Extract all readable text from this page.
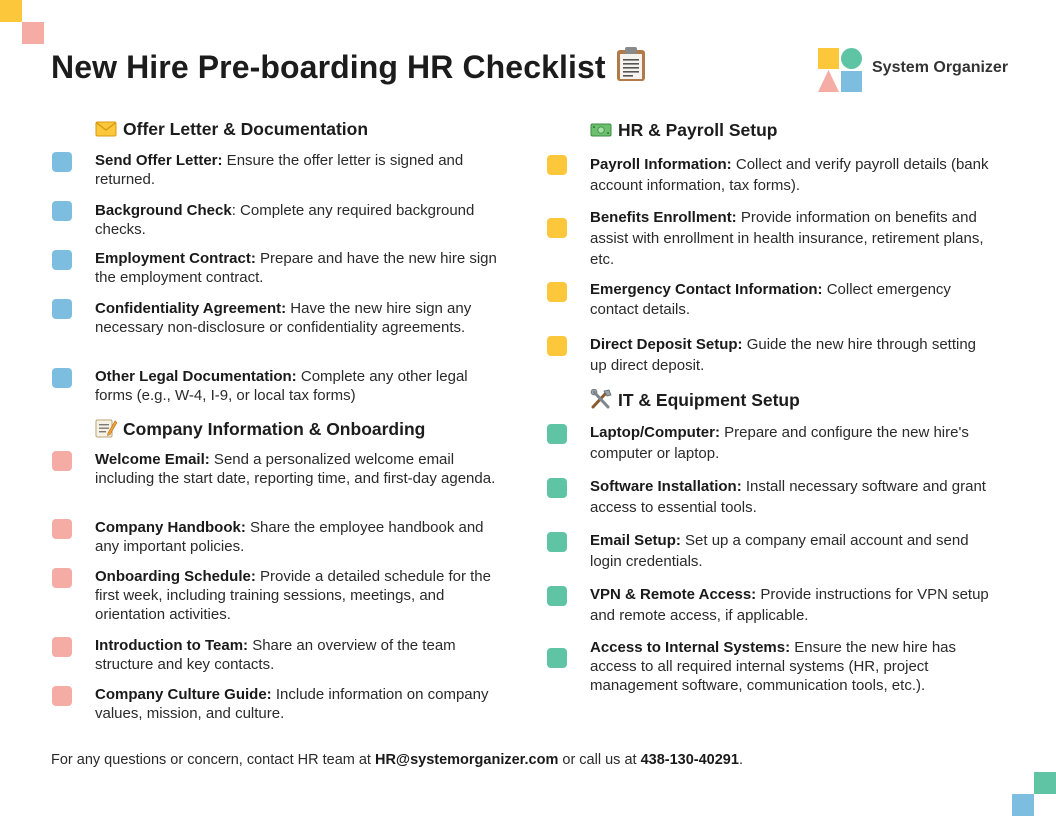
New Hire Pre-boarding HR Checklist	System Organizer
Offer Letter & Documentation
Send Offer Letter: Ensure the offer letter is signed and returned.
Background Check: Complete any required background checks.
Employment Contract: Prepare and have the new hire sign the employment contract.
Confidentiality Agreement: Have the new hire sign any necessary non-disclosure or confidentiality agreements.
Other Legal Documentation: Complete any other legal forms (e.g., W-4, I-9, or local tax forms)
Company Information & Onboarding
Welcome Email: Send a personalized welcome email including the start date, reporting time, and first-day agenda.
Company Handbook: Share the employee handbook and any important policies.
Onboarding Schedule: Provide a detailed schedule for the first week, including training sessions, meetings, and orientation activities.
Introduction to Team: Share an overview of the team structure and key contacts.
Company Culture Guide: Include information on company values, mission, and culture.
HR & Payroll Setup
Payroll Information: Collect and verify payroll details (bank account information, tax forms).
Benefits Enrollment: Provide information on benefits and assist with enrollment in health insurance, retirement plans, etc.
Emergency Contact Information: Collect emergency contact details.
Direct Deposit Setup: Guide the new hire through setting up direct deposit.
IT & Equipment Setup
Laptop/Computer: Prepare and configure the new hire's computer or laptop.
Software Installation: Install necessary software and grant access to essential tools.
Email Setup: Set up a company email account and send login credentials.
VPN & Remote Access: Provide instructions for VPN setup and remote access, if applicable.
Access to Internal Systems: Ensure the new hire has access to all required internal systems (HR, project management software, communication tools, etc.).
For any questions or concern, contact HR team at HR@systemorganizer.com or call us at 438-130-40291.
